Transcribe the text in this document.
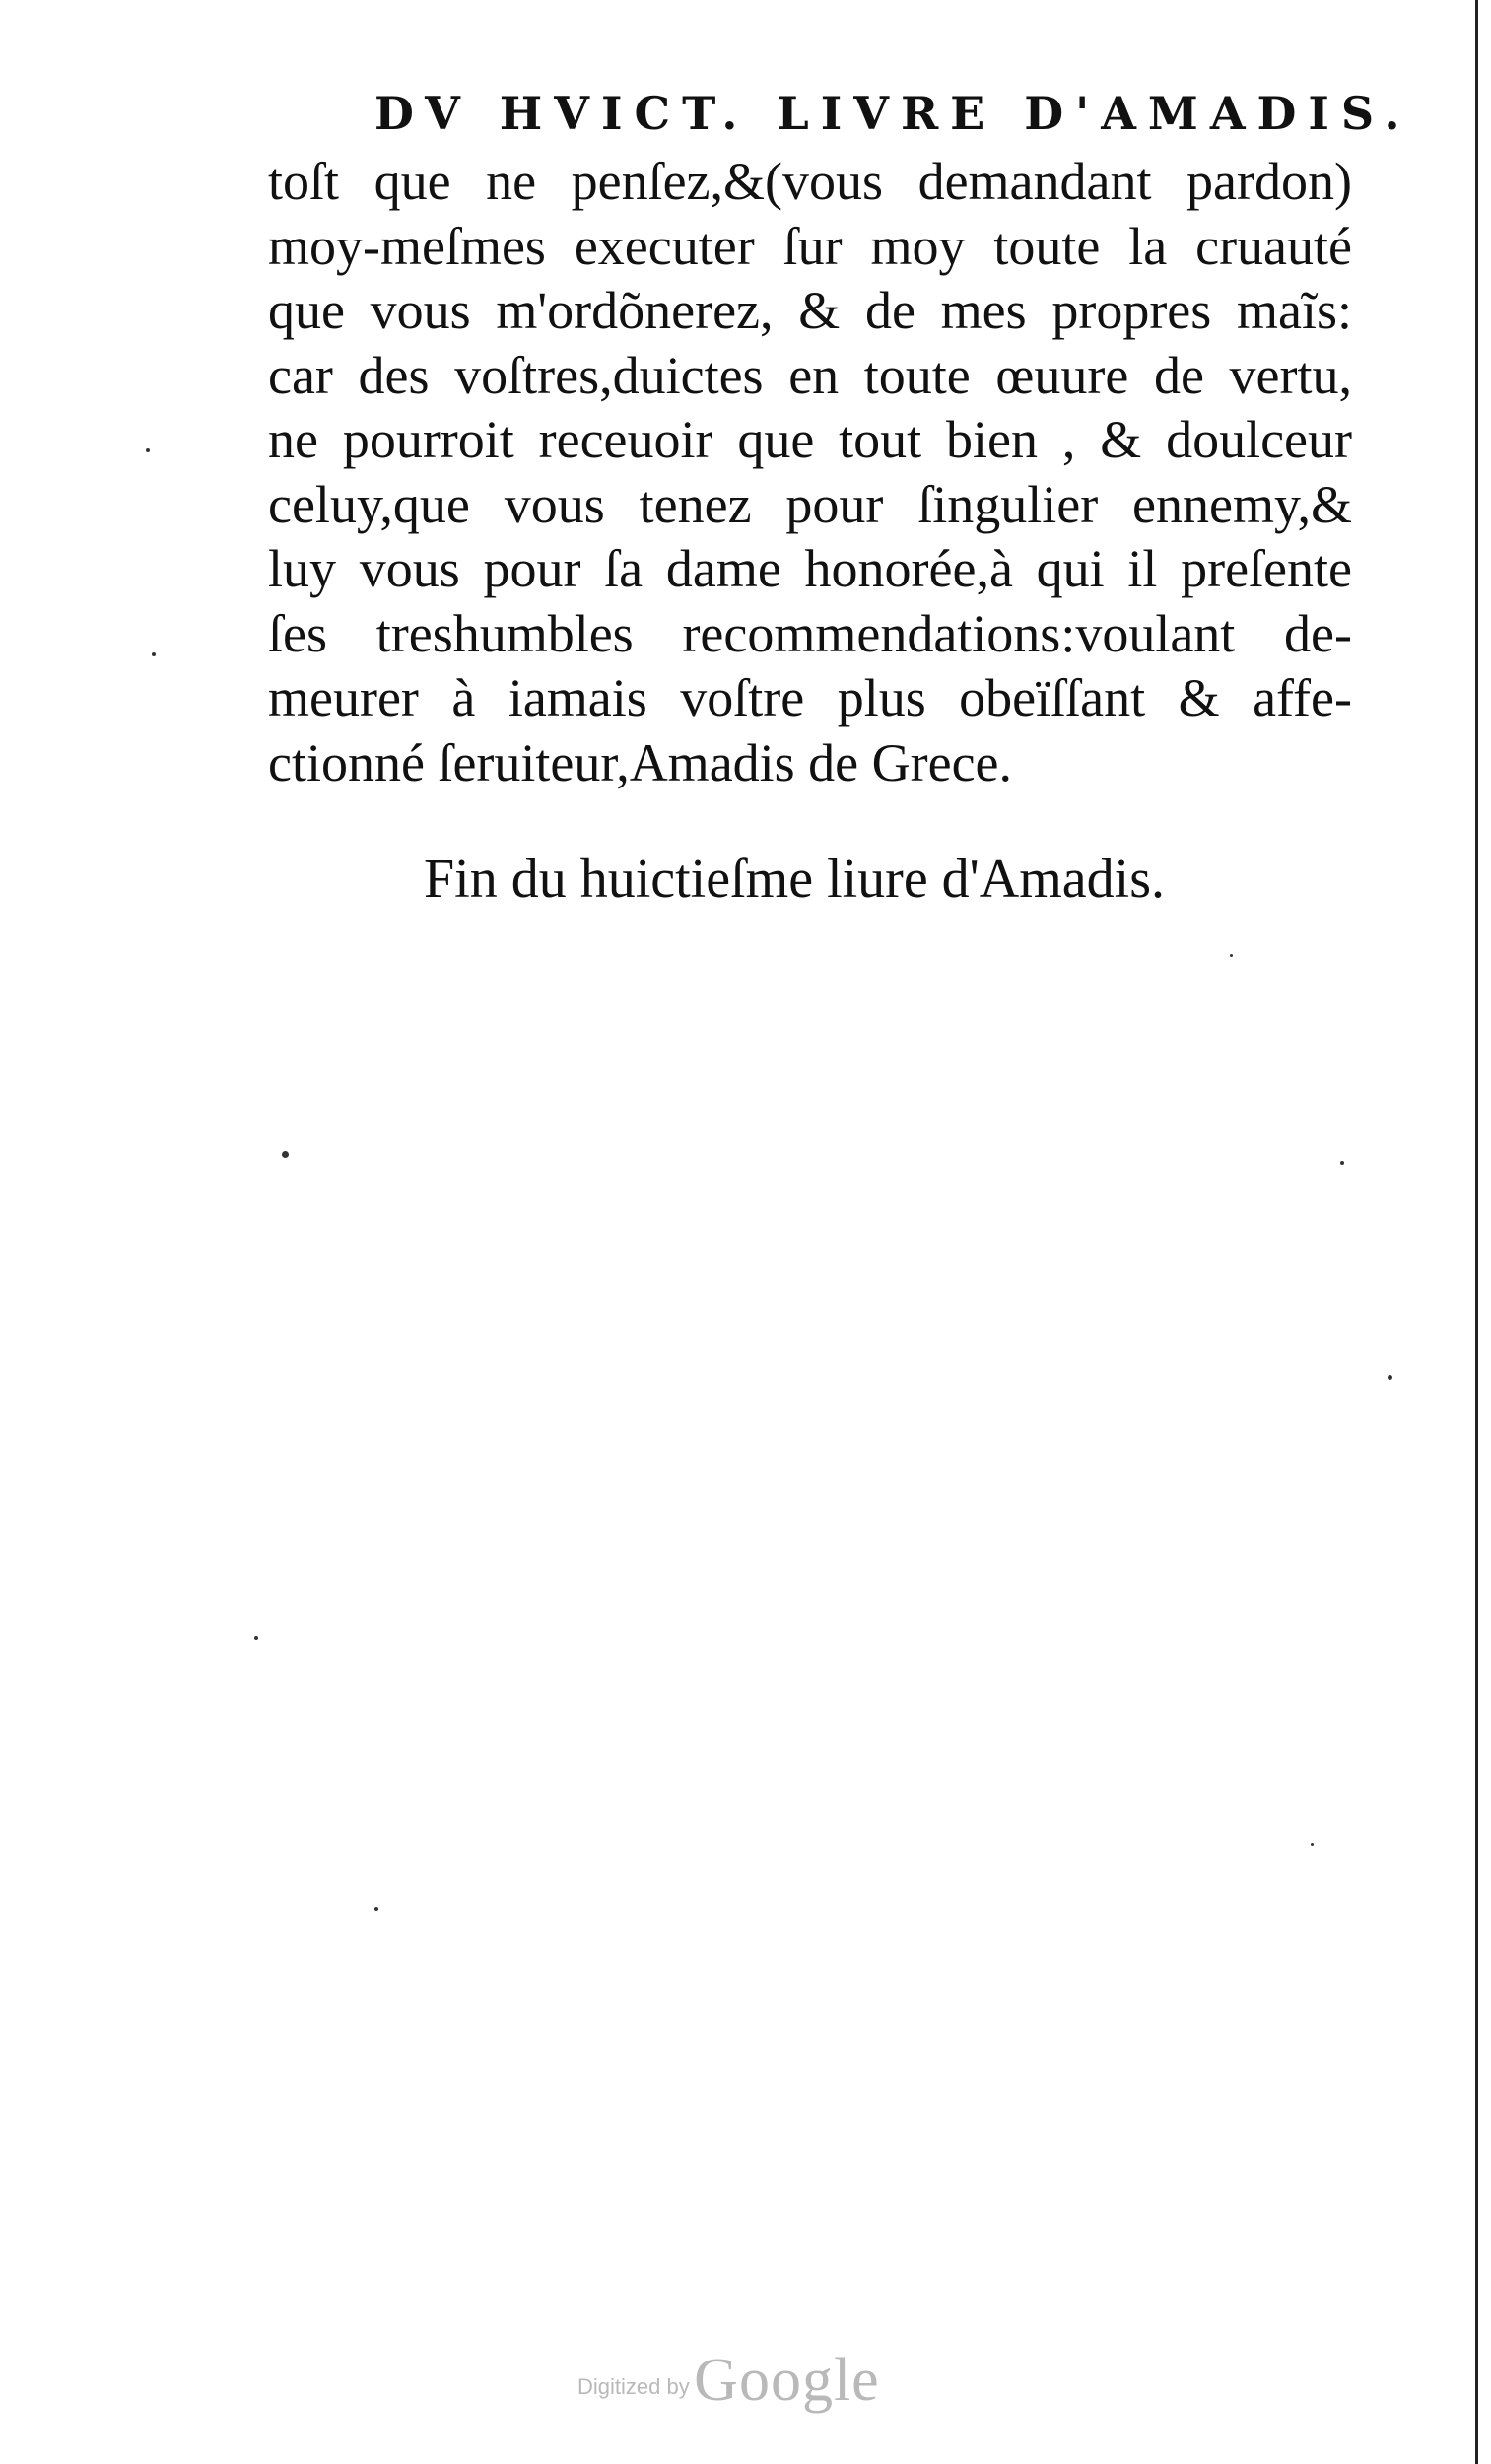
DV HVICT. LIVRE D'AMADIS.
toſt que ne penſez,&(vous demandant pardon)
moy-meſmes executer ſur moy toute la cruauté
que vous m'ordõnerez, & de mes propres maĩs:
car des voſtres,duictes en toute œuure de vertu,
ne pourroit receuoir que tout bien , & doulceur
celuy,que vous tenez pour ſingulier ennemy,&
luy vous pour ſa dame honorée,à qui il preſente
ſes treshumbles recommendations:voulant de-
meurer à iamais voſtre plus obeïſſant & affe-
ctionné ſeruiteur,Amadis de Grece.
Fin du huictieſme liure d'Amadis.
Digitized by Google
